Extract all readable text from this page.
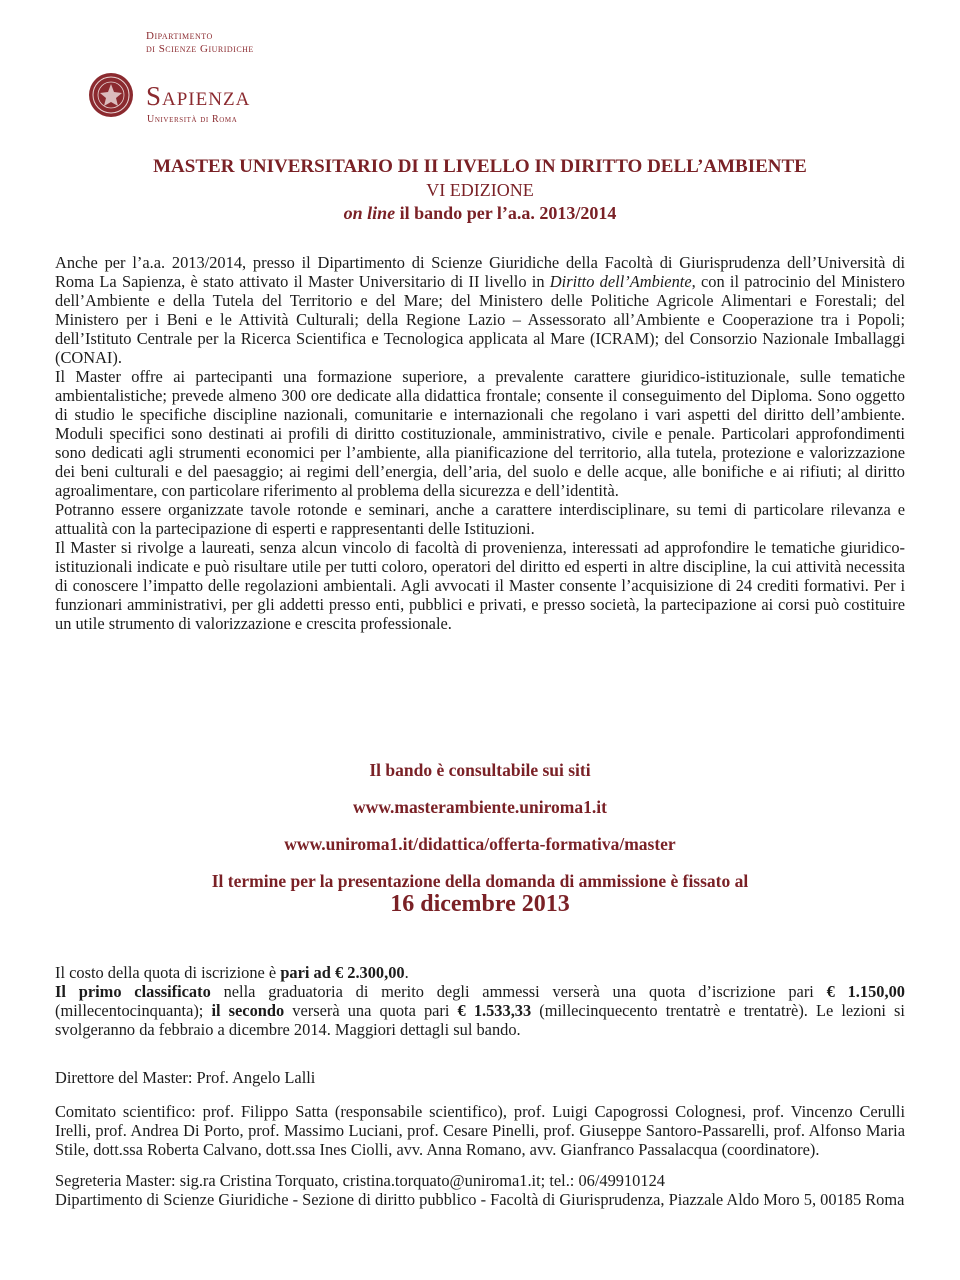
Dipartimento
di Scienze Giuridiche
Sapienza
Università di Roma
MASTER UNIVERSITARIO DI II LIVELLO IN DIRITTO DELL’AMBIENTE
VI EDIZIONE
on line il bando per l’a.a. 2013/2014

Anche per l’a.a. 2013/2014, presso il Dipartimento di Scienze Giuridiche della Facoltà di Giurisprudenza dell’Università di Roma La Sapienza, è stato attivato il Master Universitario di II livello in Diritto dell’Ambiente, con il patrocinio del Ministero dell’Ambiente e della Tutela del Territorio e del Mare; del Ministero delle Politiche Agricole Alimentari e Forestali; del Ministero per i Beni e le Attività Culturali; della Regione Lazio – Assessorato all’Ambiente e Cooperazione tra i Popoli; dell’Istituto Centrale per la Ricerca Scientifica e Tecnologica applicata al Mare (ICRAM); del Consorzio Nazionale Imballaggi (CONAI).

Il Master offre ai partecipanti una formazione superiore, a prevalente carattere giuridico-istituzionale, sulle tematiche ambientalistiche; prevede almeno 300 ore dedicate alla didattica frontale; consente il conseguimento del Diploma. Sono oggetto di studio le specifiche discipline nazionali, comunitarie e internazionali che regolano i vari aspetti del diritto dell’ambiente. Moduli specifici sono destinati ai profili di diritto costituzionale, amministrativo, civile e penale. Particolari approfondimenti sono dedicati agli strumenti economici per l’ambiente, alla pianificazione del territorio, alla tutela, protezione e valorizzazione dei beni culturali e del paesaggio; ai regimi dell’energia, dell’aria, del suolo e delle acque, alle bonifiche e ai rifiuti; al diritto agroalimentare, con particolare riferimento al problema della sicurezza e dell’identità.

Potranno essere organizzate tavole rotonde e seminari, anche a carattere interdisciplinare, su temi di particolare rilevanza e attualità con la partecipazione di esperti e rappresentanti delle Istituzioni.

Il Master si rivolge a laureati, senza alcun vincolo di facoltà di provenienza, interessati ad approfondire le tematiche giuridico-istituzionali indicate e può risultare utile per tutti coloro, operatori del diritto ed esperti in altre discipline, la cui attività necessita di conoscere l’impatto delle regolazioni ambientali. Agli avvocati il Master consente l’acquisizione di 24 crediti formativi. Per i funzionari amministrativi, per gli addetti presso enti, pubblici e privati, e presso società, la partecipazione ai corsi può costituire un utile strumento di valorizzazione e crescita professionale.

Il bando è consultabile sui siti
www.masterambiente.uniroma1.it
www.uniroma1.it/didattica/offerta-formativa/master
Il termine per la presentazione della domanda di ammissione è fissato al
16 dicembre 2013

Il costo della quota di iscrizione è pari ad € 2.300,00.

Il primo classificato nella graduatoria di merito degli ammessi verserà una quota d’iscrizione pari € 1.150,00 (millecentocinquanta); il secondo verserà una quota pari € 1.533,33 (millecinquecento trentatrè e trentatrè). Le lezioni si svolgeranno da febbraio a dicembre 2014. Maggiori dettagli sul bando.

Direttore del Master: Prof. Angelo Lalli

Comitato scientifico: prof. Filippo Satta (responsabile scientifico), prof. Luigi Capogrossi Colognesi, prof. Vincenzo Cerulli Irelli, prof. Andrea Di Porto, prof. Massimo Luciani, prof. Cesare Pinelli, prof. Giuseppe Santoro-Passarelli, prof. Alfonso Maria Stile, dott.ssa Roberta Calvano, dott.ssa Ines Ciolli, avv. Anna Romano, avv. Gianfranco Passalacqua (coordinatore).

Segreteria Master: sig.ra Cristina Torquato, cristina.torquato@uniroma1.it; tel.: 06/49910124

Dipartimento di Scienze Giuridiche - Sezione di diritto pubblico - Facoltà di Giurisprudenza, Piazzale Aldo Moro 5, 00185 Roma
